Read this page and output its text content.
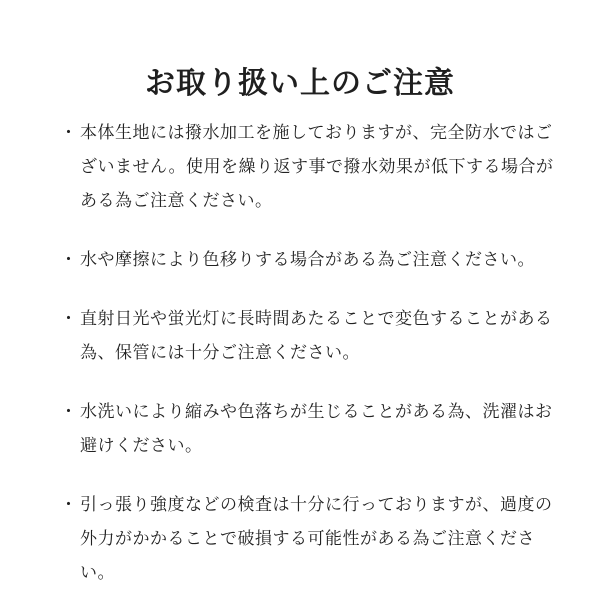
お取り扱い上のご注意
・ 本体生地には撥水加工を施しておりますが、完全防水ではございません。使用を繰り返す事で撥水効果が低下する場合がある為ご注意ください。
・ 水や摩擦により色移りする場合がある為ご注意ください。
・ 直射日光や蛍光灯に長時間あたることで変色することがある為、保管には十分ご注意ください。
・ 水洗いにより縮みや色落ちが生じることがある為、洗濯はお避けください。
・ 引っ張り強度などの検査は十分に行っておりますが、過度の外力がかかることで破損する可能性がある為ご注意ください。
